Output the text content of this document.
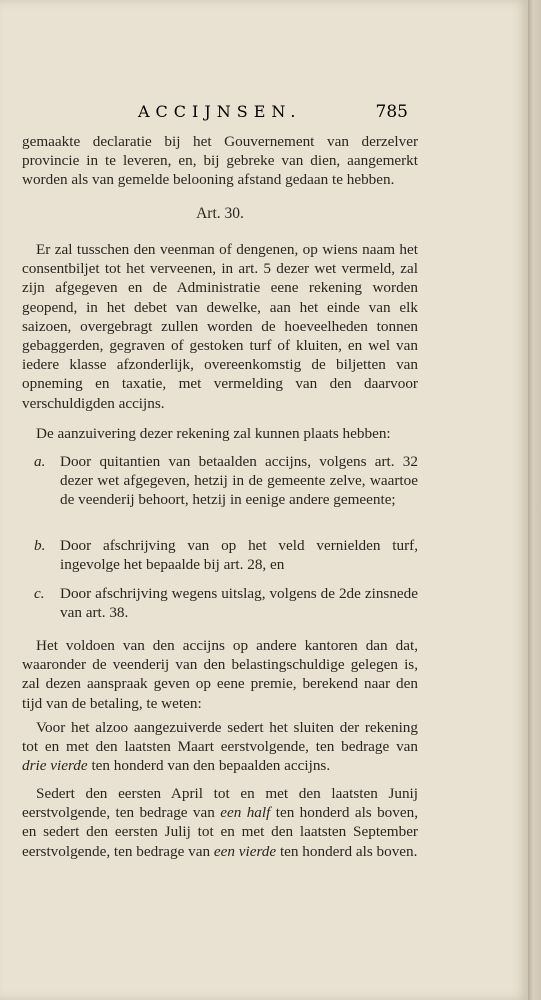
ACCIJNSEN.	785

gemaakte declaratie bij het Gouvernement van derzelver provincie in te leveren, en, bij gebreke van dien, aangemerkt worden als van gemelde belooning afstand gedaan te hebben.

Art. 30.

Er zal tusschen den veenman of dengenen, op wiens naam het consentbiljet tot het verveenen, in art. 5 dezer wet vermeld, zal zijn afgegeven en de Administratie eene rekening worden geopend, in het debet van dewelke, aan het einde van elk saizoen, overgebragt zullen worden de hoeveelheden tonnen gebaggerden, gegraven of gestoken turf of kluiten, en wel van iedere klasse afzonderlijk, overeenkomstig de biljetten van opneming en taxatie, met vermelding van den daarvoor verschuldigden accijns.

De aanzuivering dezer rekening zal kunnen plaats hebben:

a. Door quitantien van betaalden accijns, volgens art. 32 dezer wet afgegeven, hetzij in de gemeente zelve, waartoe de veenderij behoort, hetzij in eenige andere gemeente;
b. Door afschrijving van op het veld vernielden turf, ingevolge het bepaalde bij art. 28, en
c.	Door afschrijving wegens uitslag, volgens de 2de zinsnede van art. 38.

Het voldoen van den accijns op andere kantoren dan dat, waaronder de veenderij van den belastingschuldige gelegen is, zal dezen aanspraak geven op eene premie, berekend naar den tijd van de betaling, te weten:

Voor het alzoo aangezuiverde sedert het sluiten der rekening tot en met den laatsten Maart eerstvolgende, ten bedrage van drie vierde ten honderd van den bepaalden accijns.

Sedert den eersten April tot en met den laatsten Junij eerstvolgende, ten bedrage van een half ten honderd als boven, en sedert den eersten Julij tot en met den laatsten September eerstvolgende, ten bedrage van een vierde ten honderd als boven.
